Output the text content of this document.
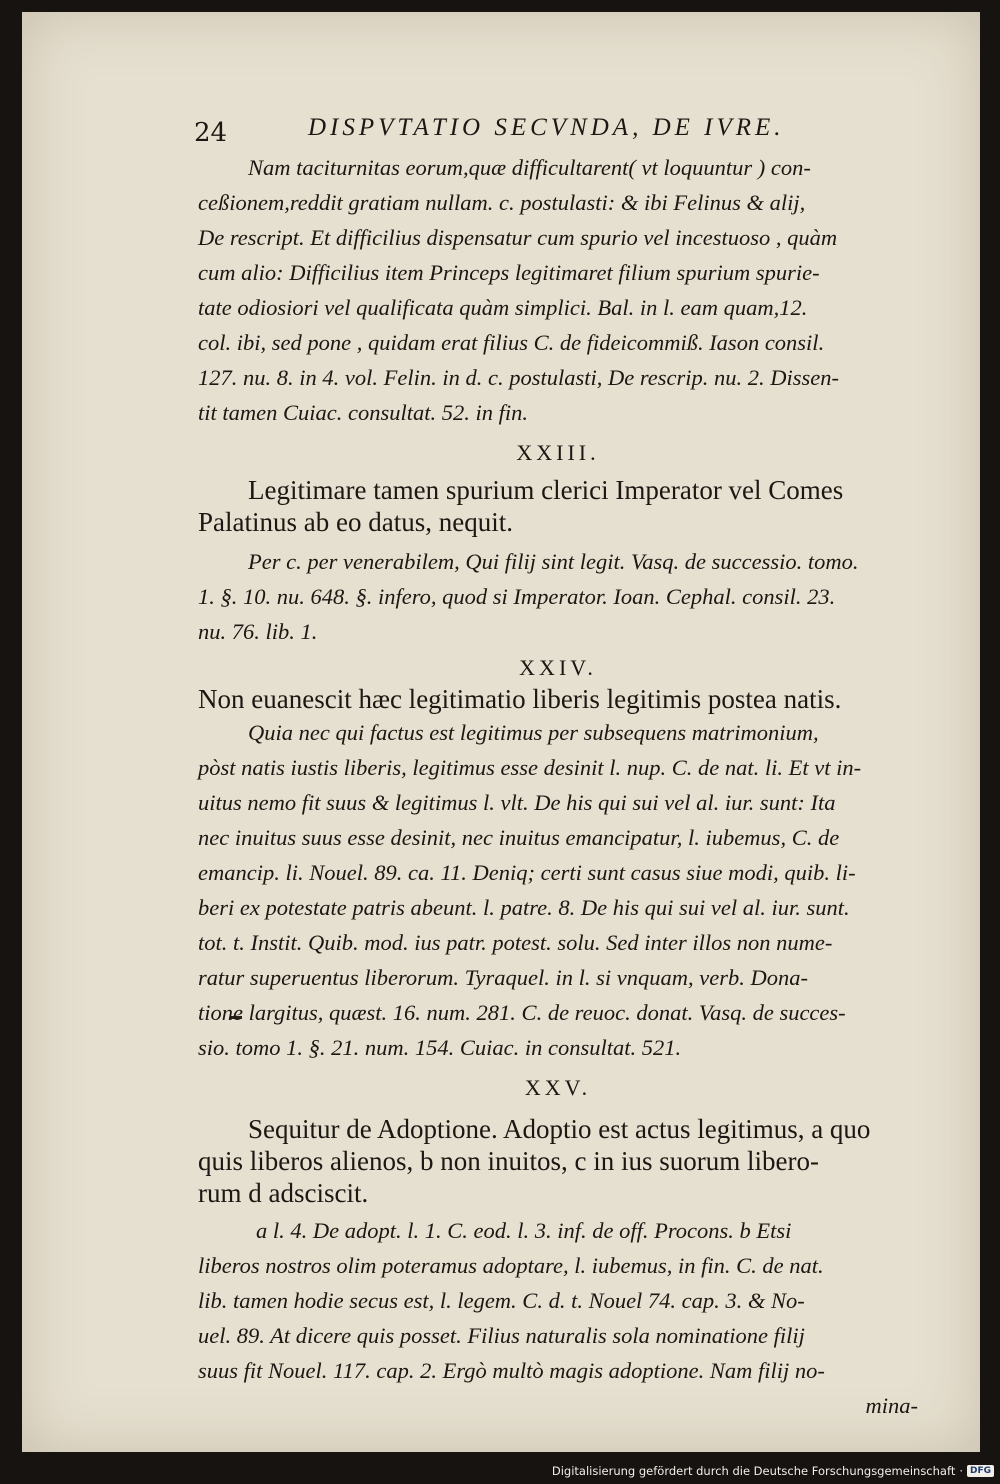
24	DISPVTATIO SECVNDA, DE IVRE.
Nam taciturnitas eorum,quæ difficultarent( vt loquuntur ) con-
ceßionem,reddit gratiam nullam. c. postulasti: & ibi Felinus & alij,
De rescript. Et difficilius dispensatur cum spurio vel incestuoso , quàm
cum alio: Difficilius item Princeps legitimaret filium spurium spurie-
tate odiosiori vel qualificata quàm simplici. Bal. in l. eam quam,12.
col. ibi, sed pone , quidam erat filius C. de fideicommiß. Iason consil.
127. nu. 8. in 4. vol. Felin. in d. c. postulasti, De rescrip. nu. 2. Dissen-
tit tamen Cuiac. consultat. 52. in fin.
XXIII.
Legitimare tamen spurium clerici Imperator vel Comes
Palatinus ab eo datus, nequit.
Per c. per venerabilem, Qui filij sint legit. Vasq. de successio. tomo.
1. §. 10. nu. 648. §. infero, quod si Imperator. Ioan. Cephal. consil. 23.
nu. 76. lib. 1.
XXIV.
Non euanescit hæc legitimatio liberis legitimis postea natis.
Quia nec qui factus est legitimus per subsequens matrimonium,
pòst natis iustis liberis, legitimus esse desinit l. nup. C. de nat. li. Et vt in-
uitus nemo fit suus & legitimus l. vlt. De his qui sui vel al. iur. sunt: Ita
nec inuitus suus esse desinit, nec inuitus emancipatur, l. iubemus, C. de
emancip. li. Nouel. 89. ca. 11. Deniq; certi sunt casus siue modi, quib. li-
beri ex potestate patris abeunt. l. patre. 8. De his qui sui vel al. iur. sunt.
tot. t. Instit. Quib. mod. ius patr. potest. solu. Sed inter illos non nume-
ratur superuentus liberorum. Tyraquel. in l. si vnquam, verb. Dona-
tione largitus, quæst. 16. num. 281. C. de reuoc. donat. Vasq. de succes-
sio. tomo 1. §. 21. num. 154. Cuiac. in consultat. 521.
XXV.
Sequitur de Adoptione. Adoptio est actus legitimus, a quo
quis liberos alienos, b non inuitos, c in ius suorum libero-
rum d adsciscit.
a l. 4. De adopt. l. 1. C. eod. l. 3. inf. de off. Procons. b Etsi
liberos nostros olim poteramus adoptare, l. iubemus, in fin. C. de nat.
lib. tamen hodie secus est, l. legem. C. d. t. Nouel 74. cap. 3. & No-
uel. 89. At dicere quis posset. Filius naturalis sola nominatione filij
suus fit Nouel. 117. cap. 2. Ergò multò magis adoptione. Nam filij no-
mina-
Digitalisierung gefördert durch die Deutsche Forschungsgemeinschaft · DFG
